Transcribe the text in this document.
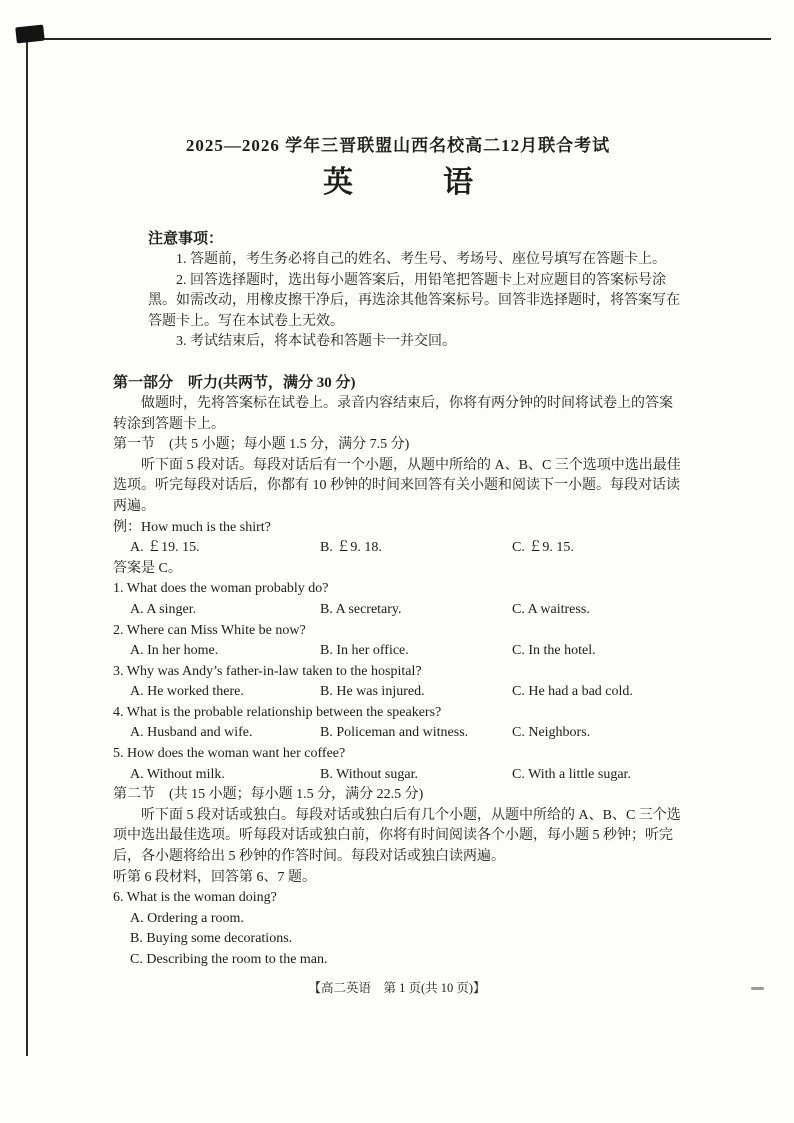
2025—2026 学年三晋联盟山西名校高二12月联合考试
英　　　语
注意事项：

1. 答题前，考生务必将自己的姓名、考生号、考场号、座位号填写在答题卡上。

2. 回答选择题时，选出每小题答案后，用铅笔把答题卡上对应题目的答案标号涂黑。如需改动，用橡皮擦干净后，再选涂其他答案标号。回答非选择题时，将答案写在答题卡上。写在本试卷上无效。

3. 考试结束后，将本试卷和答题卡一并交回。

第一部分　听力(共两节，满分 30 分)

做题时，先将答案标在试卷上。录音内容结束后，你将有两分钟的时间将试卷上的答案转涂到答题卡上。

第一节　(共 5 小题；每小题 1.5 分，满分 7.5 分)

听下面 5 段对话。每段对话后有一个小题，从题中所给的 A、B、C 三个选项中选出最佳选项。听完每段对话后，你都有 10 秒钟的时间来回答有关小题和阅读下一小题。每段对话读两遍。

例：How much is the shirt?

A. ￡19. 15.	B. ￡9. 18.	C. ￡9. 15.

答案是 C。

1. What does the woman probably do?

A. A singer.	B. A secretary.	C. A waitress.

2. Where can Miss White be now?

A. In her home.	B. In her office.	C. In the hotel.

3. Why was Andy’s father-in-law taken to the hospital?

A. He worked there.	B. He was injured.	C. He had a bad cold.

4. What is the probable relationship between the speakers?

A. Husband and wife.	B. Policeman and witness.	C. Neighbors.

5. How does the woman want her coffee?

A. Without milk.	B. Without sugar.	C. With a little sugar.
第二节　(共 15 小题；每小题 1.5 分，满分 22.5 分)

听下面 5 段对话或独白。每段对话或独白后有几个小题，从题中所给的 A、B、C 三个选项中选出最佳选项。听每段对话或独白前，你将有时间阅读各个小题，每小题 5 秒钟；听完后，各小题将给出 5 秒钟的作答时间。每段对话或独白读两遍。

听第 6 段材料，回答第 6、7 题。

6. What is the woman doing?

A. Ordering a room.

B. Buying some decorations.

C. Describing the room to the man.

【高二英语　第 1 页(共 10 页)】
